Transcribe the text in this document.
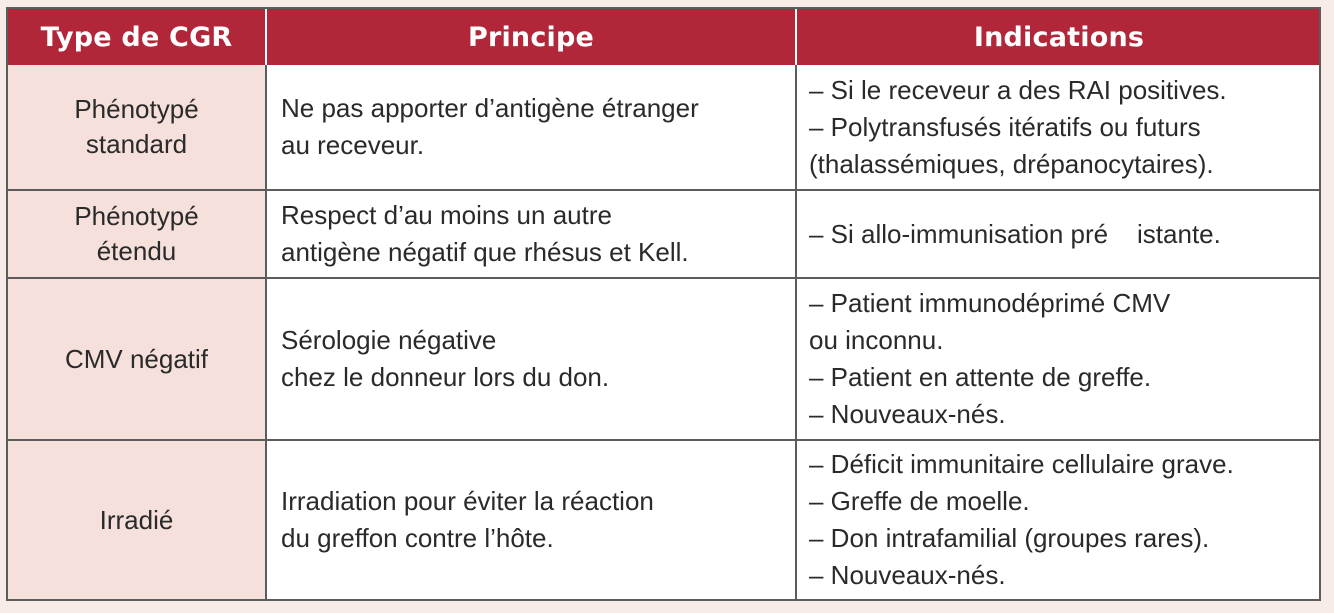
Type de CGR	Principe	Indications
Phénotypé
standard
Ne pas apporter d’antigène étranger
au receveur.
– Si le receveur a des RAI positives.
– Polytransfusés itératifs ou futurs
(thalassémiques, drépanocytaires).
Phénotypé
étendu
Respect d’au moins un autre
antigène négatif que rhésus et Kell.
– Si allo-immunisation pré    istante.
CMV négatif
Sérologie négative
chez le donneur lors du don.
– Patient immunodéprimé CMV
ou inconnu.
– Patient en attente de greffe.
– Nouveaux-nés.
Irradié
Irradiation pour éviter la réaction
du greffon contre l’hôte.
– Déficit immunitaire cellulaire grave.
– Greffe de moelle.
– Don intrafamilial (groupes rares).
– Nouveaux-nés.
